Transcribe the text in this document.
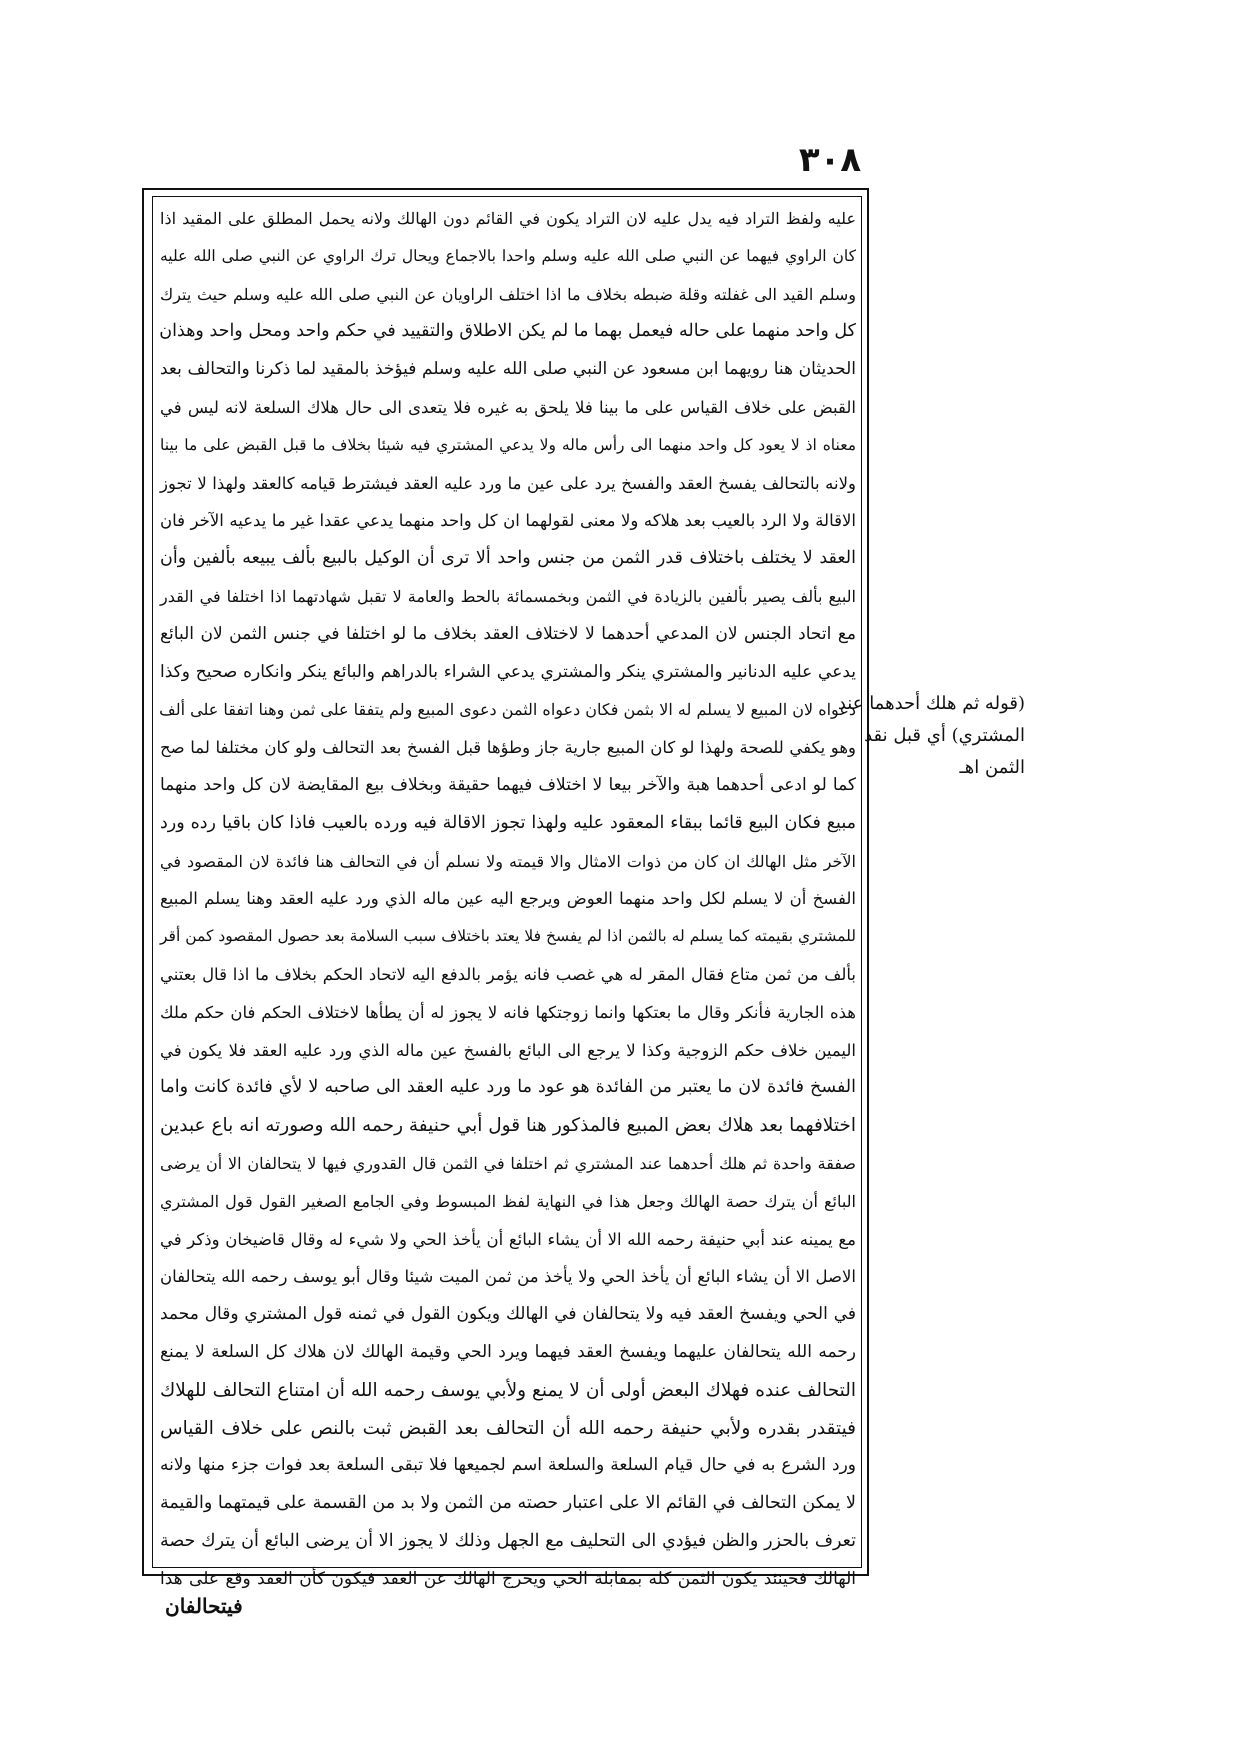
٣٠٨
عليه ولفظ التراد فيه يدل عليه لان التراد يكون في القائم دون الهالك ولانه يحمل المطلق على المقيد اذا
كان الراوي فيهما عن النبي صلى الله عليه وسلم واحدا بالاجماع ويحال ترك الراوي عن النبي صلى الله عليه
وسلم القيد الى غفلته وقلة ضبطه بخلاف ما اذا اختلف الراويان عن النبي صلى الله عليه وسلم حيث يترك
كل واحد منهما على حاله فيعمل بهما ما لم يكن الاطلاق والتقييد في حكم واحد ومحل واحد وهذان
الحديثان هنا رويهما ابن مسعود عن النبي صلى الله عليه وسلم فيؤخذ بالمقيد لما ذكرنا والتحالف بعد
القبض على خلاف القياس على ما بينا فلا يلحق به غيره فلا يتعدى الى حال هلاك السلعة لانه ليس في
معناه اذ لا يعود كل واحد منهما الى رأس ماله ولا يدعي المشتري فيه شيئا بخلاف ما قبل القبض على ما بينا
ولانه بالتحالف يفسخ العقد والفسخ يرد على عين ما ورد عليه العقد فيشترط قيامه كالعقد ولهذا لا تجوز
الاقالة ولا الرد بالعيب بعد هلاكه ولا معنى لقولهما ان كل واحد منهما يدعي عقدا غير ما يدعيه الآخر فان
العقد لا يختلف باختلاف قدر الثمن من جنس واحد ألا ترى أن الوكيل بالبيع بألف يبيعه بألفين وأن
البيع بألف يصير بألفين بالزيادة في الثمن وبخمسمائة بالحط والعامة لا تقبل شهادتهما اذا اختلفا في القدر
مع اتحاد الجنس لان المدعي أحدهما لا لاختلاف العقد بخلاف ما لو اختلفا في جنس الثمن لان البائع
يدعي عليه الدنانير والمشتري ينكر والمشتري يدعي الشراء بالدراهم والبائع ينكر وانكاره صحيح وكذا
دعواه لان المبيع لا يسلم له الا بثمن فكان دعواه الثمن دعوى المبيع ولم يتفقا على ثمن وهنا اتفقا على ألف
وهو يكفي للصحة ولهذا لو كان المبيع جارية جاز وطؤها قبل الفسخ بعد التحالف ولو كان مختلفا لما صح
كما لو ادعى أحدهما هبة والآخر بيعا لا اختلاف فيهما حقيقة وبخلاف بيع المقايضة لان كل واحد منهما
مبيع فكان البيع قائما ببقاء المعقود عليه ولهذا تجوز الاقالة فيه ورده بالعيب فاذا كان باقيا رده ورد
الآخر مثل الهالك ان كان من ذوات الامثال والا قيمته ولا نسلم أن في التحالف هنا فائدة لان المقصود في
الفسخ أن لا يسلم لكل واحد منهما العوض ويرجع اليه عين ماله الذي ورد عليه العقد وهنا يسلم المبيع
للمشتري بقيمته كما يسلم له بالثمن اذا لم يفسخ فلا يعتد باختلاف سبب السلامة بعد حصول المقصود كمن أقر
بألف من ثمن متاع فقال المقر له هي غصب فانه يؤمر بالدفع اليه لاتحاد الحكم بخلاف ما اذا قال بعتني
هذه الجارية فأنكر وقال ما بعتكها وانما زوجتكها فانه لا يجوز له أن يطأها لاختلاف الحكم فان حكم ملك
اليمين خلاف حكم الزوجية وكذا لا يرجع الى البائع بالفسخ عين ماله الذي ورد عليه العقد فلا يكون في
الفسخ فائدة لان ما يعتبر من الفائدة هو عود ما ورد عليه العقد الى صاحبه لا لأي فائدة كانت واما
اختلافهما بعد هلاك بعض المبيع فالمذكور هنا قول أبي حنيفة رحمه الله وصورته انه باع عبدين
صفقة واحدة ثم هلك أحدهما عند المشتري ثم اختلفا في الثمن قال القدوري فيها لا يتحالفان الا أن يرضى
البائع أن يترك حصة الهالك وجعل هذا في النهاية لفظ المبسوط وفي الجامع الصغير القول قول المشتري
مع يمينه عند أبي حنيفة رحمه الله الا أن يشاء البائع أن يأخذ الحي ولا شيء له وقال قاضيخان وذكر في
الاصل الا أن يشاء البائع أن يأخذ الحي ولا يأخذ من ثمن الميت شيئا وقال أبو يوسف رحمه الله يتحالفان
في الحي ويفسخ العقد فيه ولا يتحالفان في الهالك ويكون القول في ثمنه قول المشتري وقال محمد
رحمه الله يتحالفان عليهما ويفسخ العقد فيهما ويرد الحي وقيمة الهالك لان هلاك كل السلعة لا يمنع
التحالف عنده فهلاك البعض أولى أن لا يمنع ولأبي يوسف رحمه الله أن امتناع التحالف للهلاك
فيتقدر بقدره ولأبي حنيفة رحمه الله أن التحالف بعد القبض ثبت بالنص على خلاف القياس
ورد الشرع به في حال قيام السلعة والسلعة اسم لجميعها فلا تبقى السلعة بعد فوات جزء منها ولانه
لا يمكن التحالف في القائم الا على اعتبار حصته من الثمن ولا بد من القسمة على قيمتهما والقيمة
تعرف بالحزر والظن فيؤدي الى التحليف مع الجهل وذلك لا يجوز الا أن يرضى البائع أن يترك حصة
الهالك فحينئذ يكون الثمن كله بمقابلة الحي ويخرج الهالك عن العقد فيكون كأن العقد وقع على هذا
(قوله ثم هلك أحدهما عند
المشتري) أي قبل نقد
الثمن اهـ
فيتحالفان
